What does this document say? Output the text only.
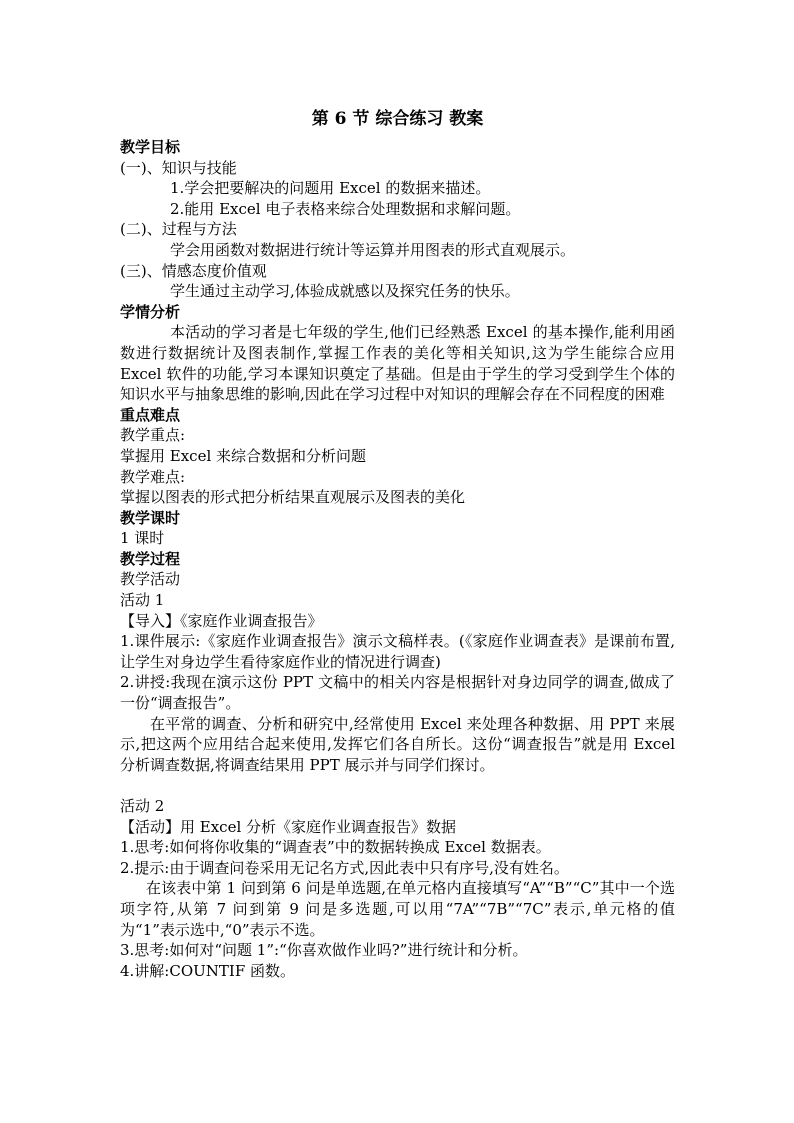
第 6 节 综合练习 教案
教学目标
(一)、知识与技能
1.学会把要解决的问题用 Excel 的数据来描述。
2.能用 Excel 电子表格来综合处理数据和求解问题。
(二)、过程与方法
学会用函数对数据进行统计等运算并用图表的形式直观展示。
(三)、情感态度价值观
学生通过主动学习,体验成就感以及探究任务的快乐。
学情分析
本活动的学习者是七年级的学生,他们已经熟悉 Excel 的基本操作,能利用函数进行数据统计及图表制作,掌握工作表的美化等相关知识,这为学生能综合应用 Excel 软件的功能,学习本课知识奠定了基础。但是由于学生的学习受到学生个体的知识水平与抽象思维的影响,因此在学习过程中对知识的理解会存在不同程度的困难
重点难点
教学重点:
掌握用 Excel 来综合数据和分析问题
教学难点:
掌握以图表的形式把分析结果直观展示及图表的美化
教学课时
1 课时
教学过程
教学活动
活动 1
【导入】《家庭作业调查报告》
1.课件展示:《家庭作业调查报告》演示文稿样表。(《家庭作业调查表》是课前布置,让学生对身边学生看待家庭作业的情况进行调查)
2.讲授:我现在演示这份 PPT 文稿中的相关内容是根据针对身边同学的调查,做成了一份“调查报告”。
在平常的调查、分析和研究中,经常使用 Excel 来处理各种数据、用 PPT 来展示,把这两个应用结合起来使用,发挥它们各自所长。这份“调查报告”就是用 Excel 分析调查数据,将调查结果用 PPT 展示并与同学们探讨。
活动 2
【活动】用 Excel 分析《家庭作业调查报告》数据
1.思考:如何将你收集的“调查表”中的数据转换成 Excel 数据表。
2.提示:由于调查问卷采用无记名方式,因此表中只有序号,没有姓名。
在该表中第 1 问到第 6 问是单选题,在单元格内直接填写“A”“B”“C”其中一个选项字符,从第 7 问到第 9 问是多选题,可以用“7A”“7B”“7C”表示,单元格的值为“1”表示选中,“0”表示不选。
3.思考:如何对“问题 1”:“你喜欢做作业吗?”进行统计和分析。
4.讲解:COUNTIF 函数。
